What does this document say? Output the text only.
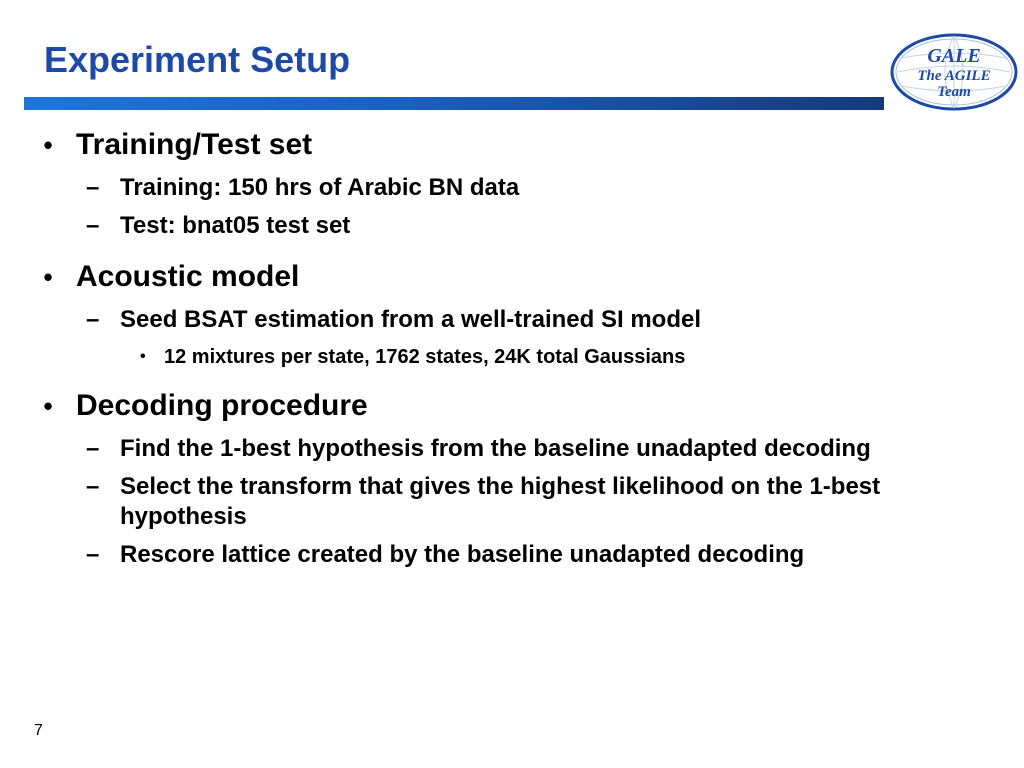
Experiment Setup	GALE
The AGILE
Team
• Training/Test set
– Training: 150 hrs of Arabic BN data
– Test: bnat05 test set
• Acoustic model
– Seed BSAT estimation from a well-trained SI model
• 12 mixtures per state, 1762 states, 24K total Gaussians
• Decoding procedure
– Find the 1-best hypothesis from the baseline unadapted decoding
– Select the transform that gives the highest likelihood on the 1-best hypothesis
– Rescore lattice created by the baseline unadapted decoding
7
